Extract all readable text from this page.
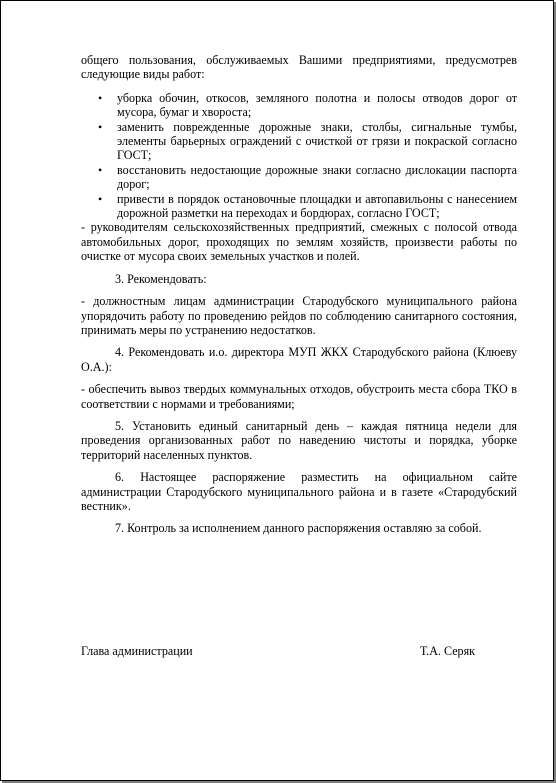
общего пользования, обслуживаемых Вашими предприятиями, предусмотрев следующие виды работ:

• уборка обочин, откосов, земляного полотна и полосы отводов дорог от мусора, бумаг и хвороста;
• заменить поврежденные дорожные знаки, столбы, сигнальные тумбы, элементы барьерных ограждений с очисткой от грязи и покраской согласно ГОСТ;
• восстановить недостающие дорожные знаки согласно дислокации паспорта дорог;
• привести в порядок остановочные площадки и автопавильоны с нанесением дорожной разметки на переходах и бордюрах, согласно ГОСТ;

- руководителям сельскохозяйственных предприятий, смежных с полосой отвода автомобильных дорог, проходящих по землям хозяйств, произвести работы по очистке от мусора своих земельных участков и полей.

3. Рекомендовать:

- должностным лицам администрации Стародубского муниципального района упорядочить работу по проведению рейдов по соблюдению санитарного состояния, принимать меры по устранению недостатков.

4. Рекомендовать и.о. директора МУП ЖКХ Стародубского района (Клюеву О.А.):

- обеспечить вывоз твердых коммунальных отходов, обустроить места сбора ТКО в соответствии с нормами и требованиями;

5. Установить единый санитарный день – каждая пятница недели для проведения организованных работ по наведению чистоты и порядка, уборке территорий населенных пунктов.

6. Настоящее распоряжение разместить на официальном сайте администрации Стародубского муниципального района и в газете «Стародубский вестник».

7. Контроль за исполнением данного распоряжения оставляю за собой.

Глава администрации	Т.А. Серяк
